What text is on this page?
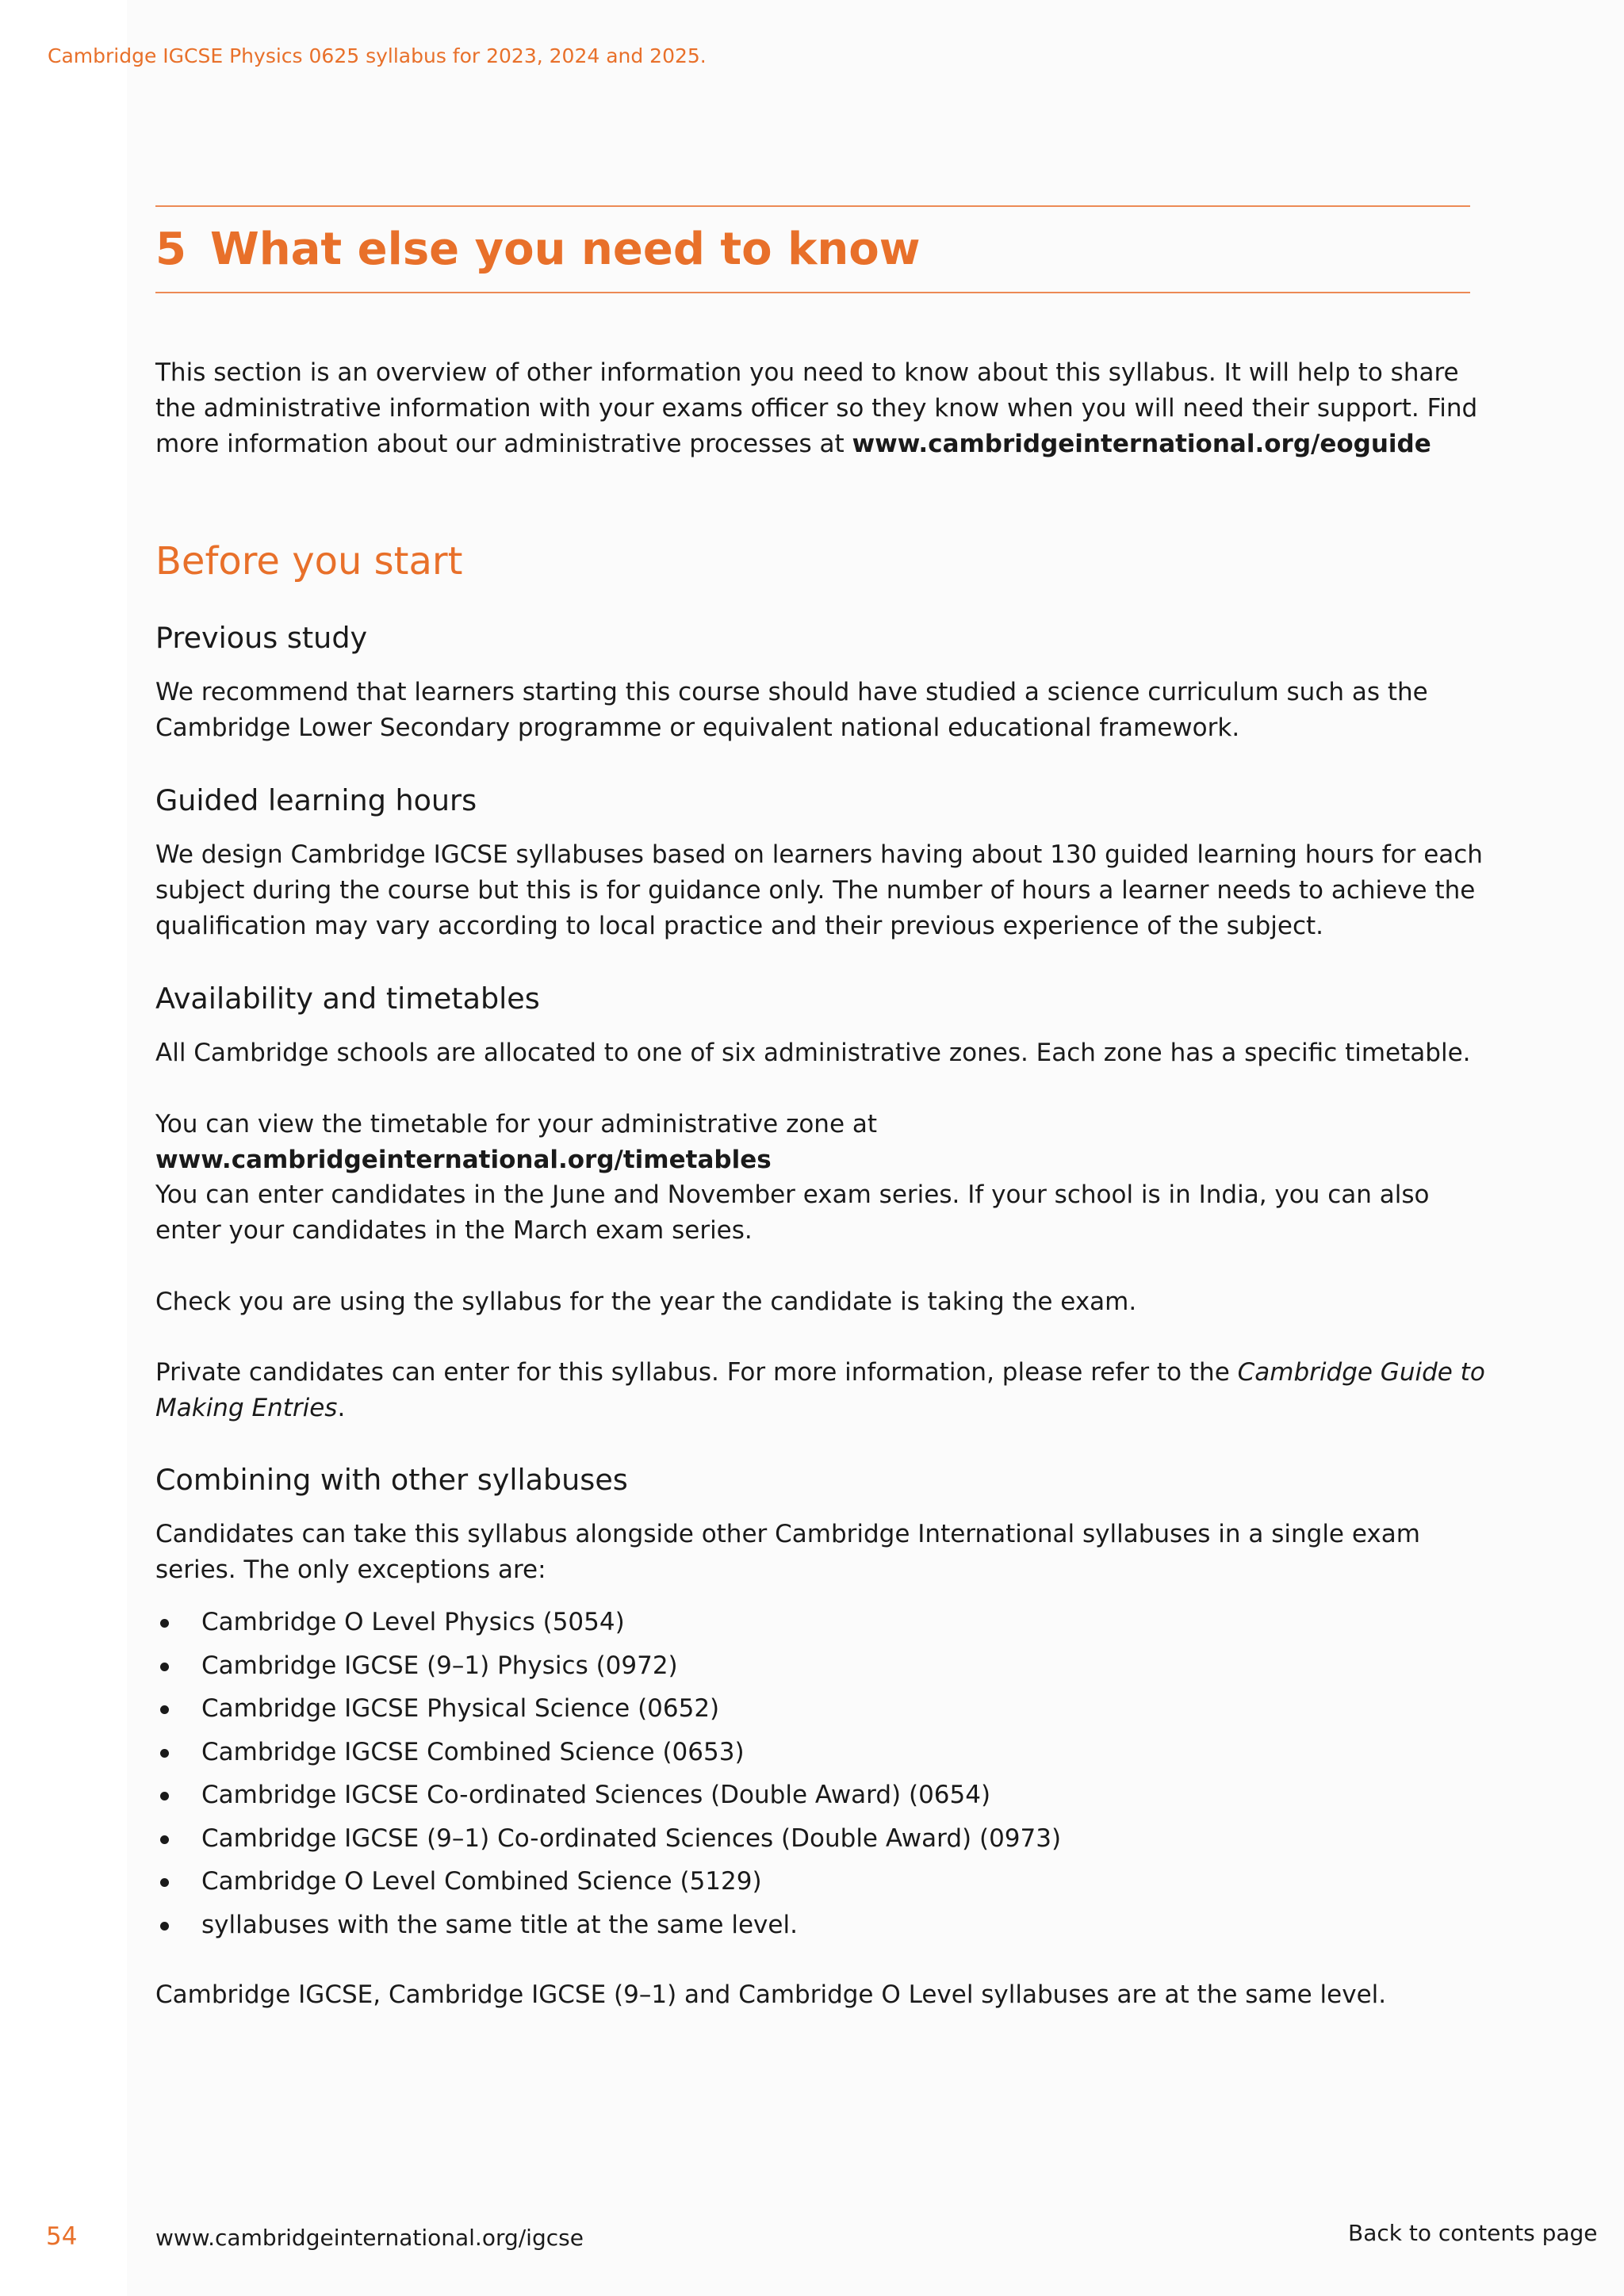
Cambridge IGCSE Physics 0625 syllabus for 2023, 2024 and 2025.
5 What else you need to know
This section is an overview of other information you need to know about this syllabus. It will help to share the administrative information with your exams officer so they know when you will need their support. Find more information about our administrative processes at www.cambridgeinternational.org/eoguide
Before you start
Previous study
We recommend that learners starting this course should have studied a science curriculum such as the Cambridge Lower Secondary programme or equivalent national educational framework.
Guided learning hours
We design Cambridge IGCSE syllabuses based on learners having about 130 guided learning hours for each subject during the course but this is for guidance only. The number of hours a learner needs to achieve the qualification may vary according to local practice and their previous experience of the subject.
Availability and timetables
All Cambridge schools are allocated to one of six administrative zones. Each zone has a specific timetable.
You can view the timetable for your administrative zone at www.cambridgeinternational.org/timetables
You can enter candidates in the June and November exam series. If your school is in India, you can also enter your candidates in the March exam series.
Check you are using the syllabus for the year the candidate is taking the exam.
Private candidates can enter for this syllabus. For more information, please refer to the Cambridge Guide to Making Entries.
Combining with other syllabuses
Candidates can take this syllabus alongside other Cambridge International syllabuses in a single exam series. The only exceptions are:
Cambridge O Level Physics (5054)
Cambridge IGCSE (9–1) Physics (0972)
Cambridge IGCSE Physical Science (0652)
Cambridge IGCSE Combined Science (0653)
Cambridge IGCSE Co-ordinated Sciences (Double Award) (0654)
Cambridge IGCSE (9–1) Co-ordinated Sciences (Double Award) (0973)
Cambridge O Level Combined Science (5129)
syllabuses with the same title at the same level.
Cambridge IGCSE, Cambridge IGCSE (9–1) and Cambridge O Level syllabuses are at the same level.
54	www.cambridgeinternational.org/igcse	Back to contents page
